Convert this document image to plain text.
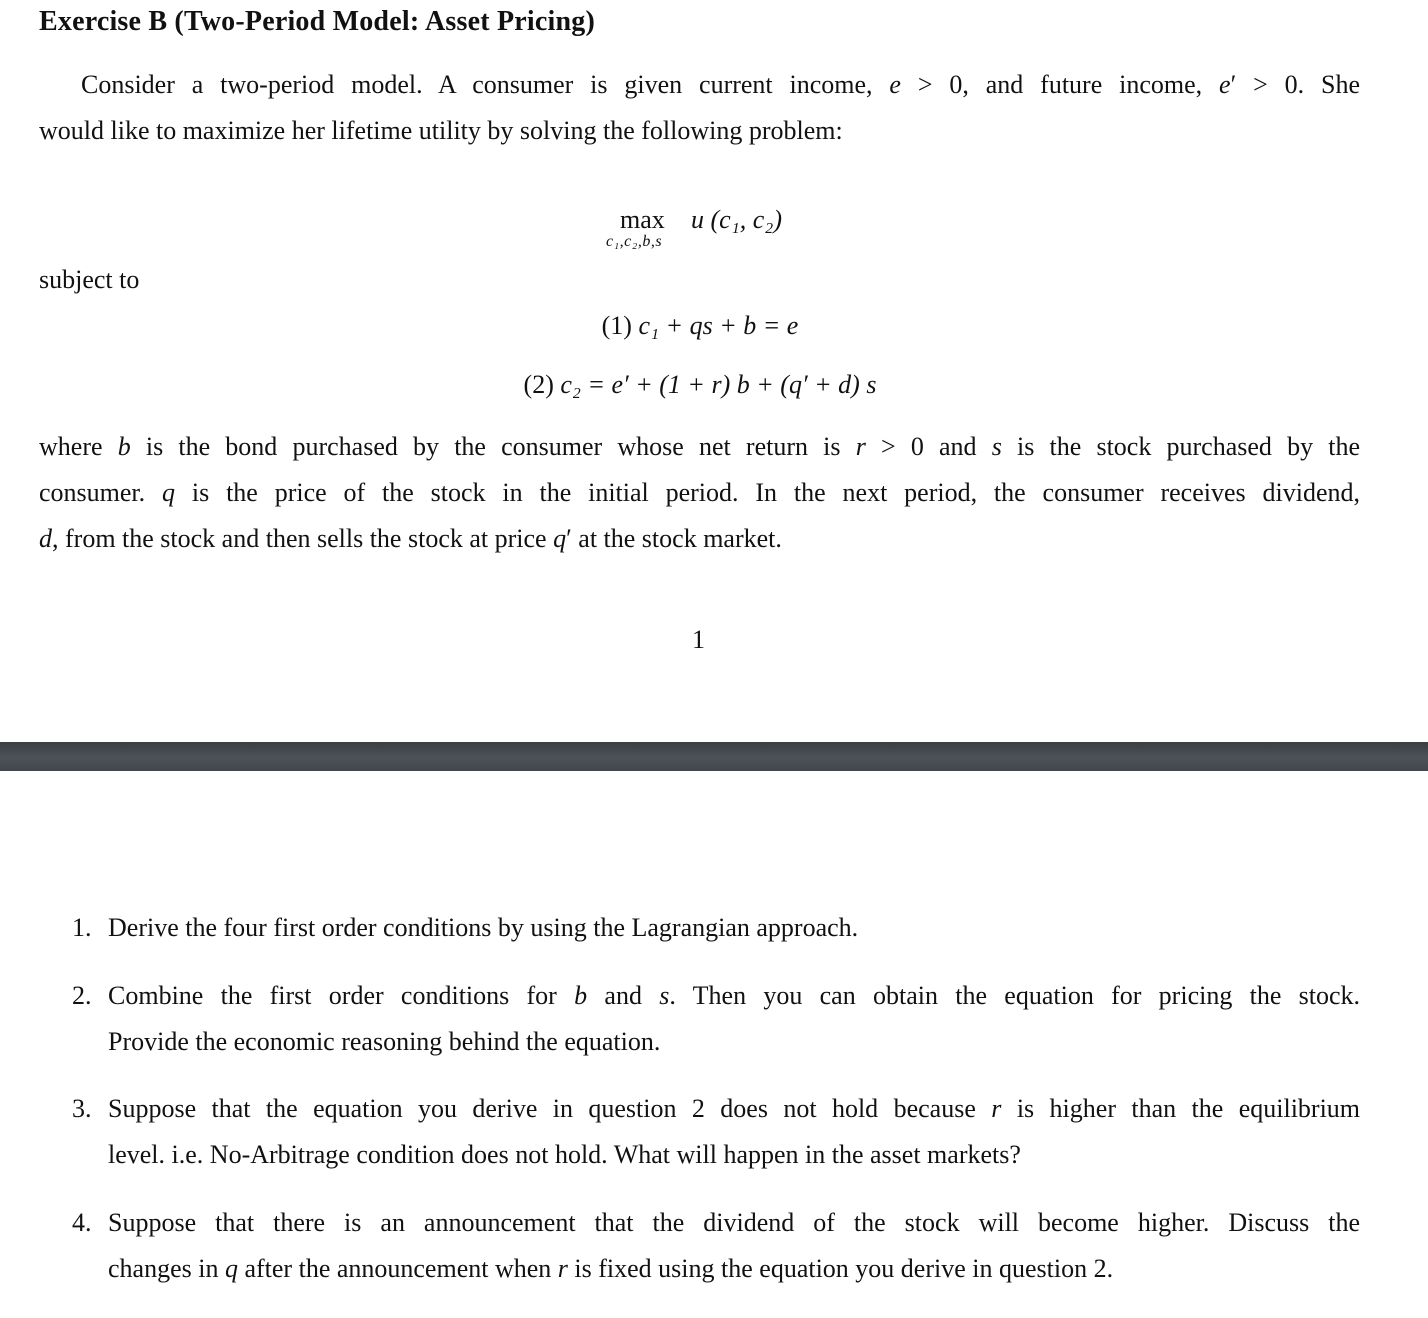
Exercise B (Two-Period Model: Asset Pricing)
Consider a two-period model. A consumer is given current income, e > 0, and future income, e′ > 0. She
would like to maximize her lifetime utility by solving the following problem:
max
c₁,c₂,b,s
u (c₁, c₂)
subject to
(1) c₁ + qs + b = e
(2) c₂ = e′ + (1 + r) b + (q′ + d) s
where b is the bond purchased by the consumer whose net return is r > 0 and s is the stock purchased by the
consumer. q is the price of the stock in the initial period. In the next period, the consumer receives dividend,
d, from the stock and then sells the stock at price q′ at the stock market.
1
1. Derive the four first order conditions by using the Lagrangian approach.
2. Combine the first order conditions for b and s. Then you can obtain the equation for pricing the stock.
Provide the economic reasoning behind the equation.
3. Suppose that the equation you derive in question 2 does not hold because r is higher than the equilibrium
level. i.e. No-Arbitrage condition does not hold. What will happen in the asset markets?
4. Suppose that there is an announcement that the dividend of the stock will become higher. Discuss the
changes in q after the announcement when r is fixed using the equation you derive in question 2.
